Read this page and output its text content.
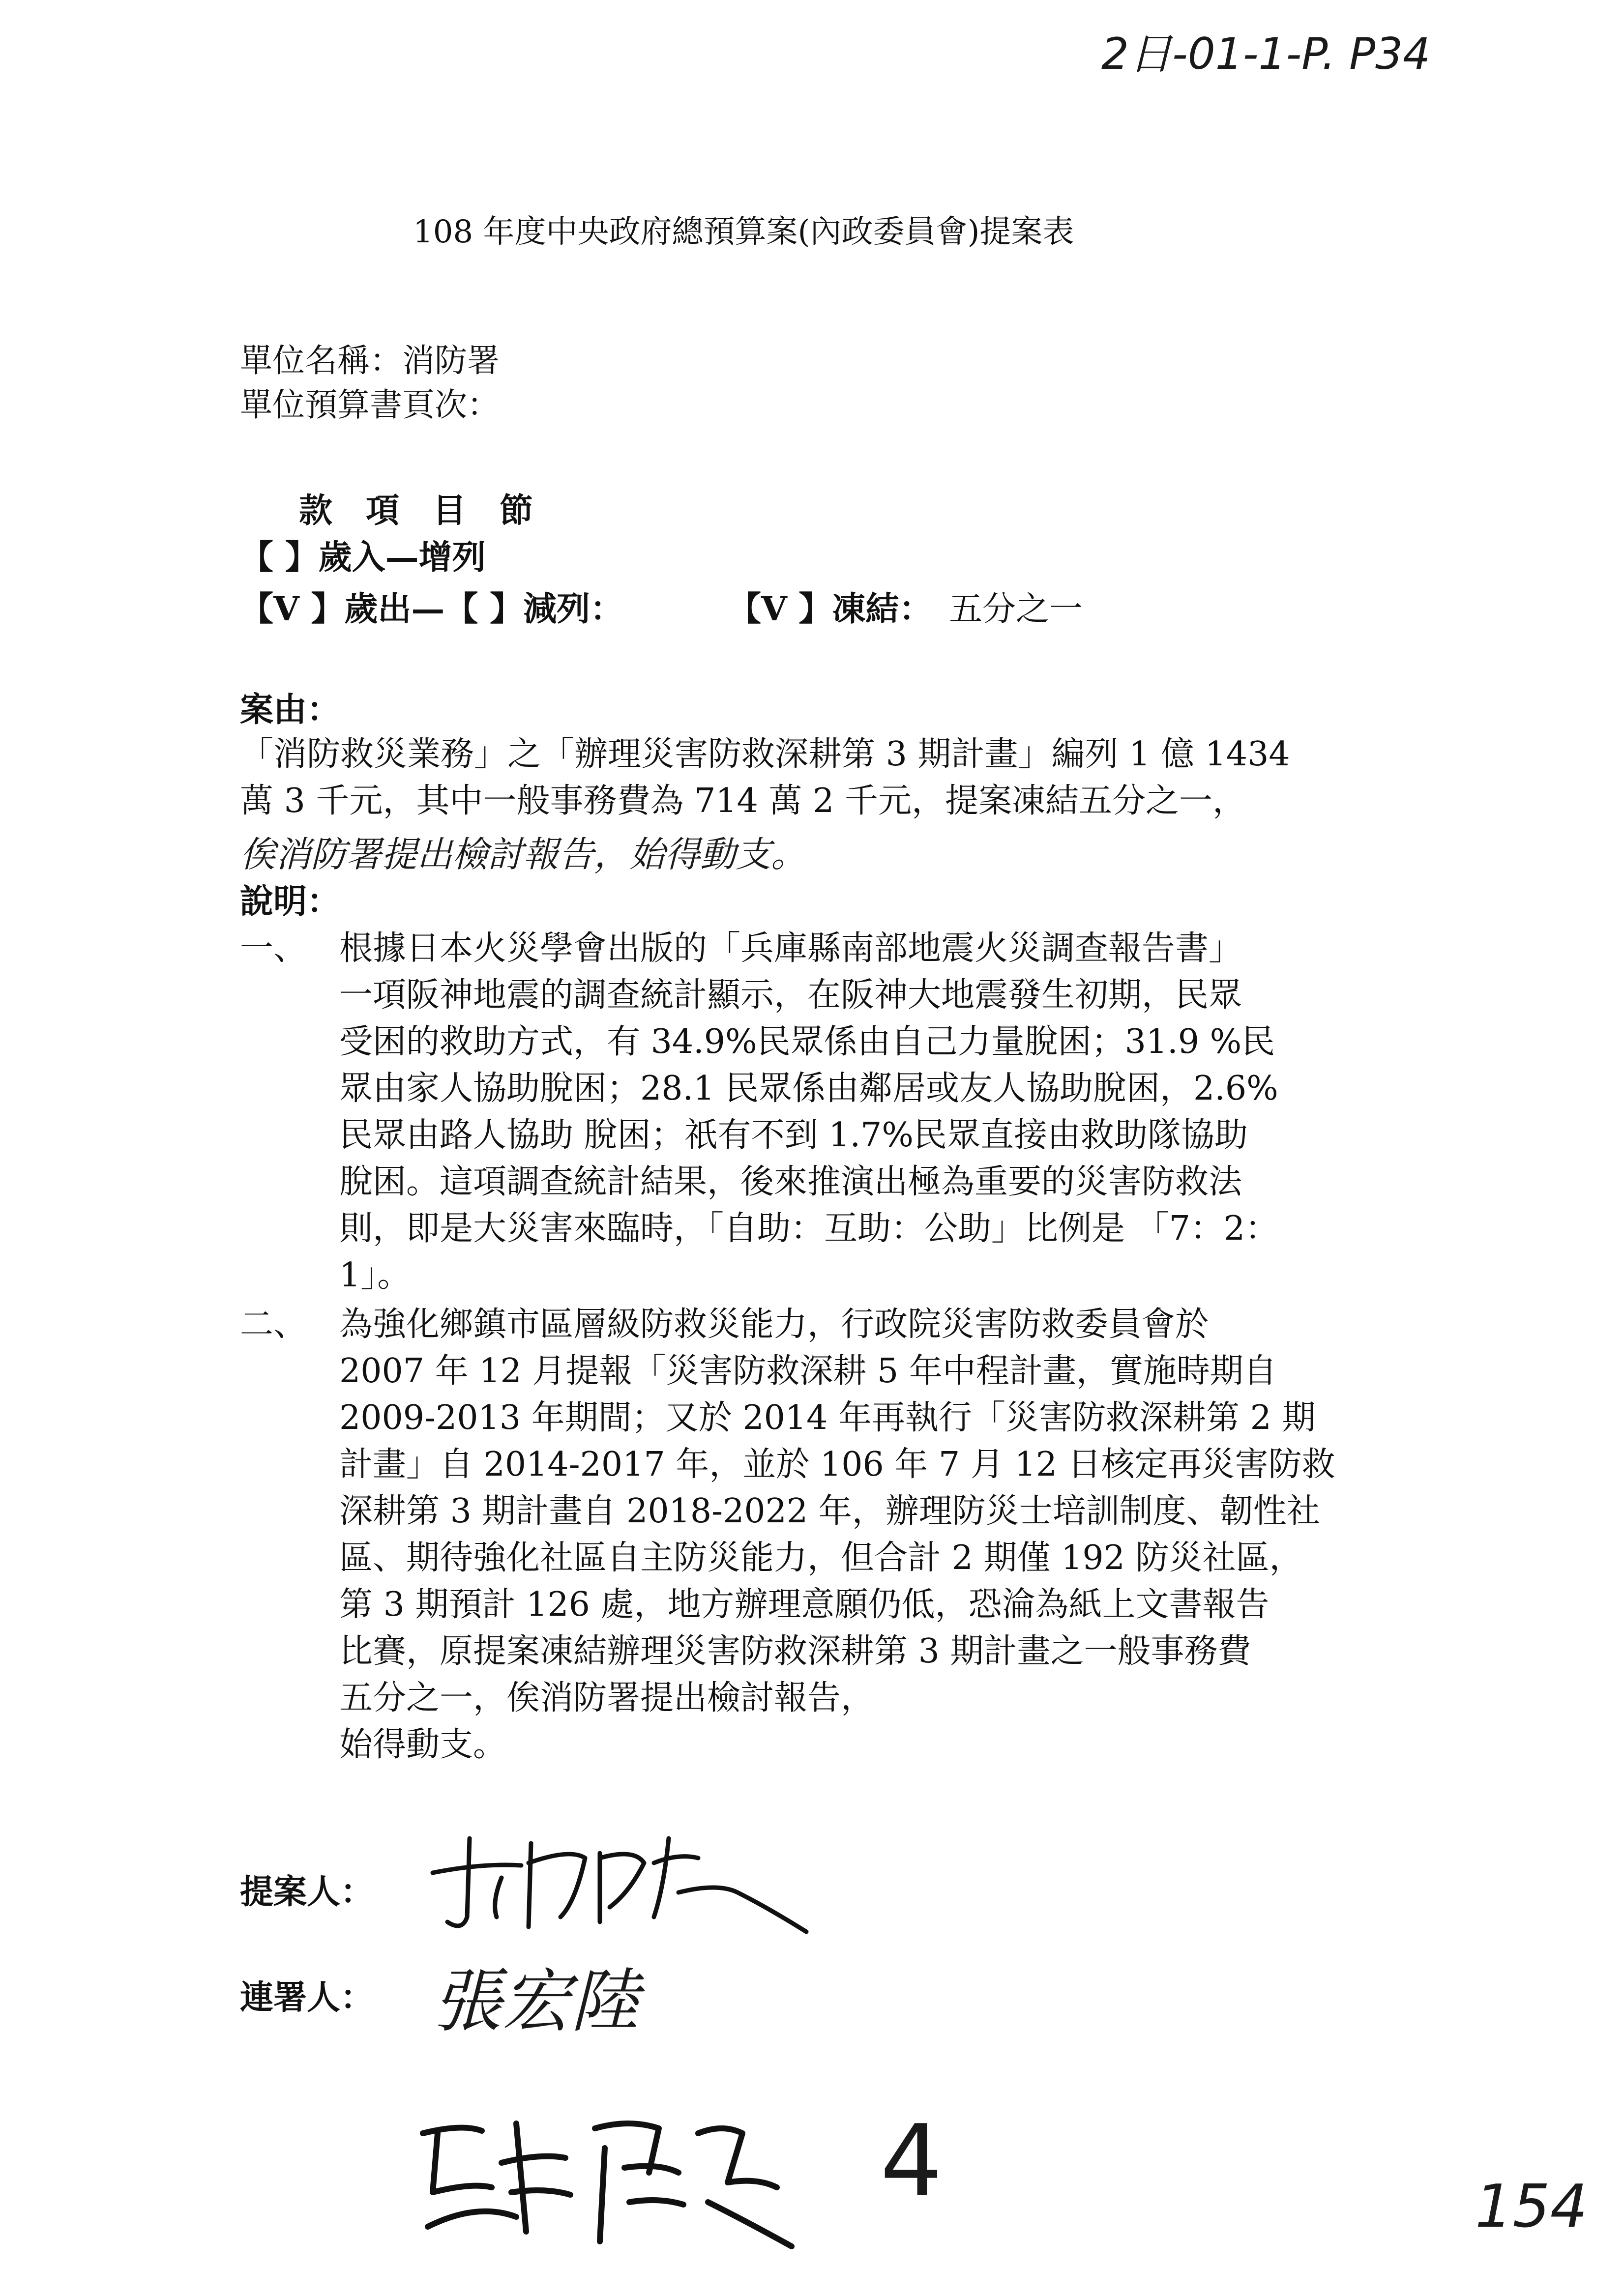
2日-01-1-P. P34
108 年度中央政府總預算案(內政委員會)提案表
單位名稱：消防署
單位預算書頁次：
款　項　目　節
【 】歲入—增列
【V 】歲出—【 】減列：	【V 】凍結： 五分之一
案由：
「消防救災業務」之「辦理災害防救深耕第 3 期計畫」編列 1 億 1434
萬 3 千元，其中一般事務費為 714 萬 2 千元，提案凍結五分之一，
俟消防署提出檢討報告，始得動支。
說明：
一、 根據日本火災學會出版的「兵庫縣南部地震火災調查報告書」
一項阪神地震的調查統計顯示，在阪神大地震發生初期，民眾
受困的救助方式，有 34.9%民眾係由自己力量脫困；31.9 %民
眾由家人協助脫困；28.1 民眾係由鄰居或友人協助脫困，2.6%
民眾由路人協助 脫困；祇有不到 1.7%民眾直接由救助隊協助
脫困。這項調查統計結果，後來推演出極為重要的災害防救法
則，即是大災害來臨時，「自助：互助：公助」比例是 「7：2：
1」。
二、 為強化鄉鎮市區層級防救災能力，行政院災害防救委員會於
2007 年 12 月提報「災害防救深耕 5 年中程計畫，實施時期自
2009-2013 年期間；又於 2014 年再執行「災害防救深耕第 2 期
計畫」自 2014-2017 年，並於 106 年 7 月 12 日核定再災害防救
深耕第 3 期計畫自 2018-2022 年，辦理防災士培訓制度、韌性社
區、期待強化社區自主防災能力，但合計 2 期僅 192 防災社區，
第 3 期預計 126 處，地方辦理意願仍低，恐淪為紙上文書報告
比賽，原提案凍結辦理災害防救深耕第 3 期計畫之一般事務費
五分之一，俟消防署提出檢討報告，
始得動支。
提案人：
連署人： 張宏陸
4	154
